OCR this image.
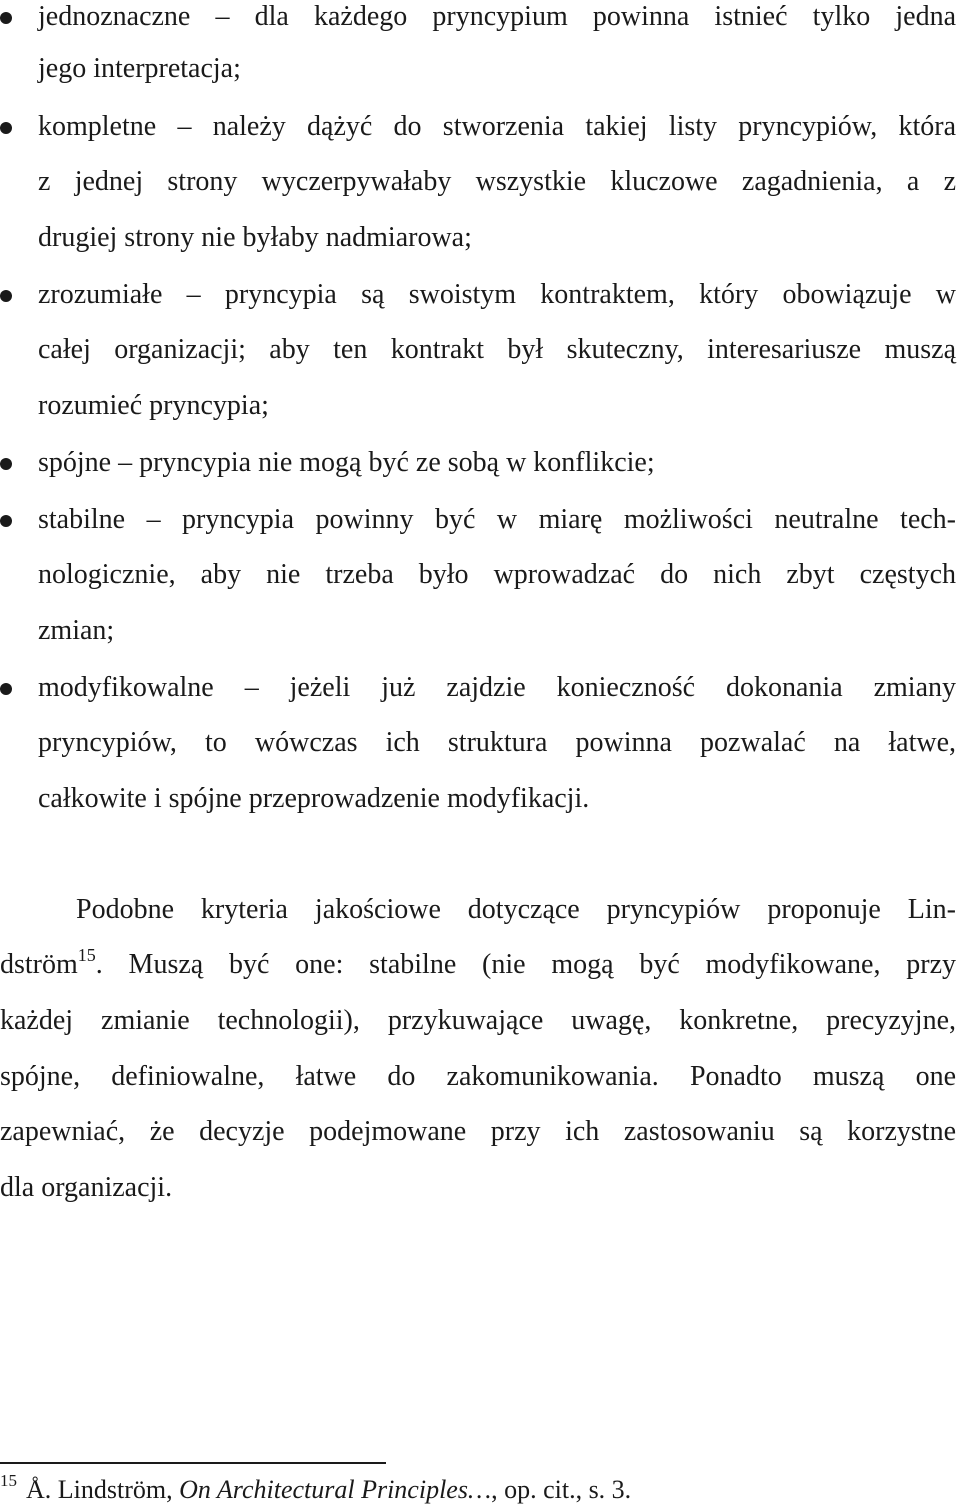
jednoznaczne – dla każdego pryncypium powinna istnieć tylko jedna
jego interpretacja;
kompletne – należy dążyć do stworzenia takiej listy pryncypiów, która
z jednej strony wyczerpywałaby wszystkie kluczowe zagadnienia, a z
drugiej strony nie byłaby nadmiarowa;
zrozumiałe – pryncypia są swoistym kontraktem, który obowiązuje w
całej organizacji; aby ten kontrakt był skuteczny, interesariusze muszą
rozumieć pryncypia;
spójne – pryncypia nie mogą być ze sobą w konflikcie;
stabilne – pryncypia powinny być w miarę możliwości neutralne tech-
nologicznie, aby nie trzeba było wprowadzać do nich zbyt częstych
zmian;
modyfikowalne – jeżeli już zajdzie konieczność dokonania zmiany
pryncypiów, to wówczas ich struktura powinna pozwalać na łatwe,
całkowite i spójne przeprowadzenie modyfikacji.
Podobne kryteria jakościowe dotyczące pryncypiów proponuje Lin-
dström$^{15}$. Muszą być one: stabilne (nie mogą być modyfikowane, przy
każdej zmianie technologii), przykuwające uwagę, konkretne, precyzyjne,
spójne, definiowalne, łatwe do zakomunikowania. Ponadto muszą one
zapewniać, że decyzje podejmowane przy ich zastosowaniu są korzystne
dla organizacji.
$^{15}$ Å. Lindström, On Architectural Principles…, op. cit., s. 3.
